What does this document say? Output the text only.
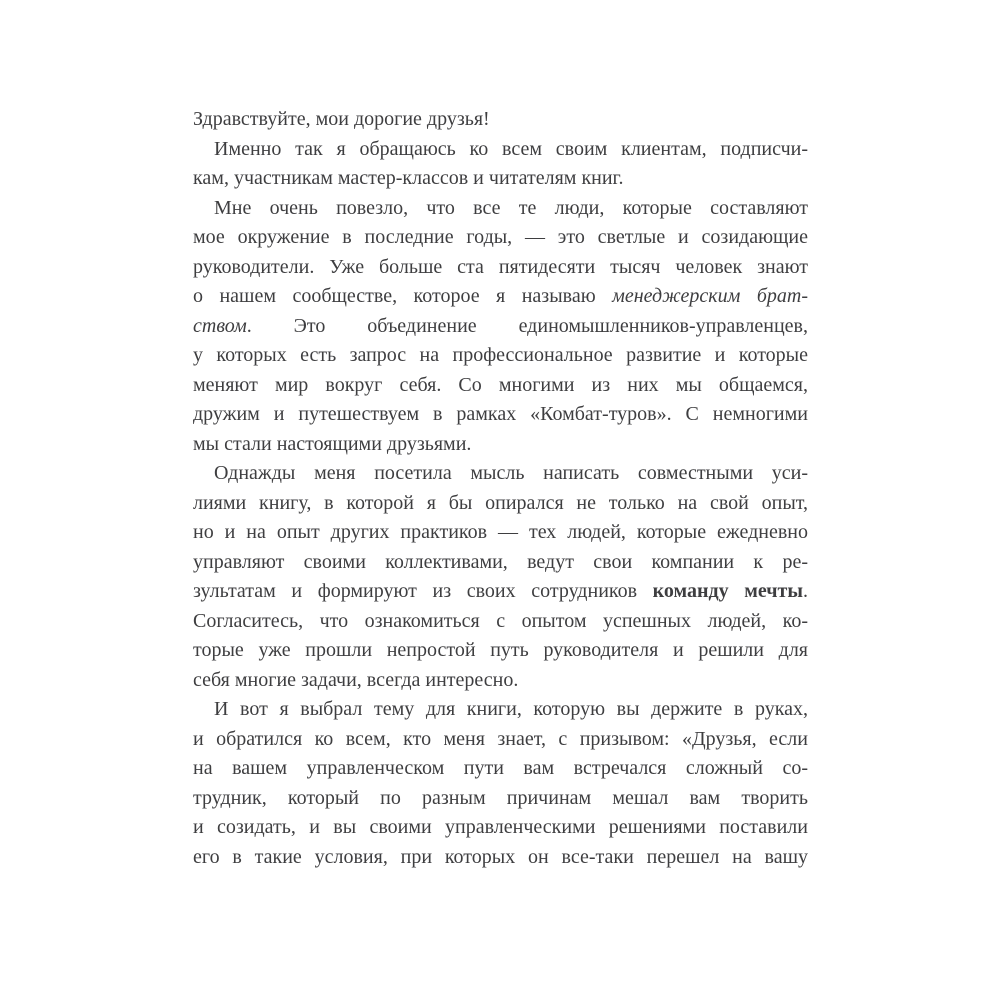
Здравствуйте, мои дорогие друзья!
Именно так я обращаюсь ко всем своим клиентам, подписчи-
кам, участникам мастер-классов и читателям книг.
Мне очень повезло, что все те люди, которые составляют
мое окружение в последние годы, — это светлые и созидающие
руководители. Уже больше ста пятидесяти тысяч человек знают
о нашем сообществе, которое я называю менеджерским брат-
ством. Это объединение единомышленников-управленцев,
у которых есть запрос на профессиональное развитие и которые
меняют мир вокруг себя. Со многими из них мы общаемся,
дружим и путешествуем в рамках «Комбат-туров». С немногими
мы стали настоящими друзьями.
Однажды меня посетила мысль написать совместными уси-
лиями книгу, в которой я бы опирался не только на свой опыт,
но и на опыт других практиков — тех людей, которые ежедневно
управляют своими коллективами, ведут свои компании к ре-
зультатам и формируют из своих сотрудников команду мечты.
Согласитесь, что ознакомиться с опытом успешных людей, ко-
торые уже прошли непростой путь руководителя и решили для
себя многие задачи, всегда интересно.
И вот я выбрал тему для книги, которую вы держите в руках,
и обратился ко всем, кто меня знает, с призывом: «Друзья, если
на вашем управленческом пути вам встречался сложный со-
трудник, который по разным причинам мешал вам творить
и созидать, и вы своими управленческими решениями поставили
его в такие условия, при которых он все-таки перешел на вашу
